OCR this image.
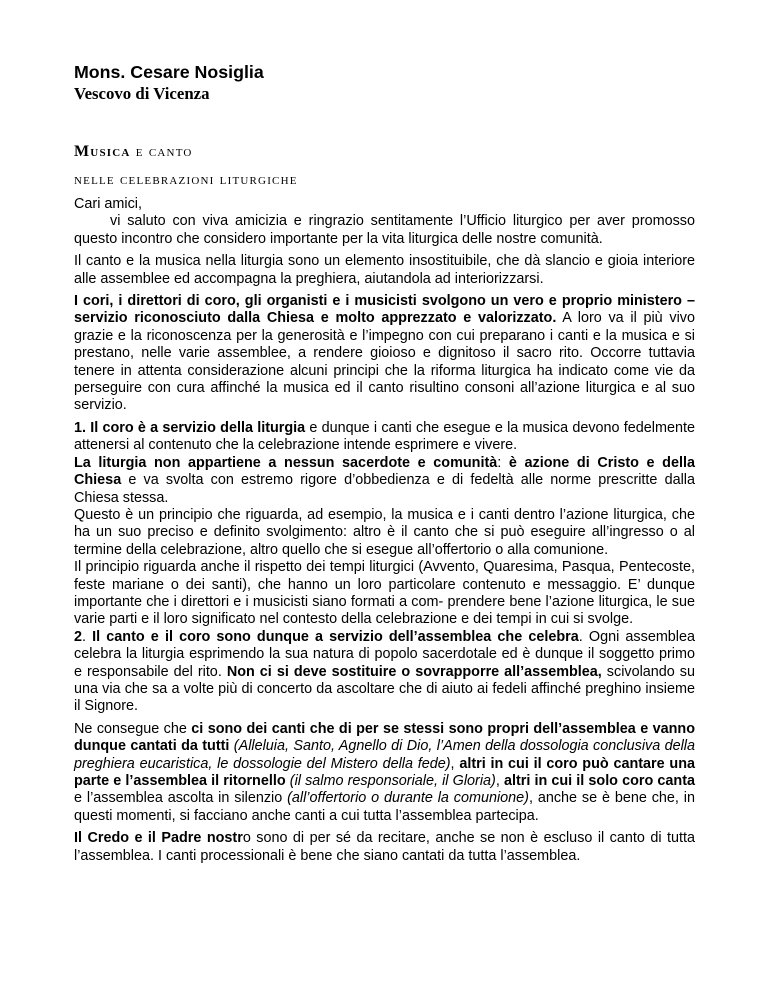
Mons. Cesare Nosiglia

Vescovo di Vicenza

Musica e canto

nelle celebrazioni liturgiche

Cari amici,

vi saluto con viva amicizia e ringrazio sentitamente l’Ufficio liturgico per aver promosso questo incontro che considero importante per la vita liturgica delle nostre comunità.

Il canto e la musica nella liturgia sono un elemento insostituibile, che dà slancio e gioia interiore alle assemblee ed accompagna la preghiera, aiutandola ad interiorizzarsi.

I cori, i direttori di coro, gli organisti e i musicisti svolgono un vero e proprio ministero – servizio riconosciuto dalla Chiesa e molto apprezzato e valorizzato. A loro va il più vivo grazie e la riconoscenza per la generosità e l’impegno con cui preparano i canti e la musica e si prestano, nelle varie assemblee, a rendere gioioso e dignitoso il sacro rito. Occorre tuttavia tenere in attenta considerazione alcuni principi che la riforma liturgica ha indicato come vie da perseguire con cura affinché la musica ed il canto risultino consoni all’azione liturgica e al suo servizio.

1. Il coro è a servizio della liturgia e dunque i canti che esegue e la musica devono fedelmente attenersi al contenuto che la celebrazione intende esprimere e vivere.

La liturgia non appartiene a nessun sacerdote e comunità: è azione di Cristo e della Chiesa e va svolta con estremo rigore d’obbedienza e di fedeltà alle norme prescritte dalla Chiesa stessa.

Questo è un principio che riguarda, ad esempio, la musica e i canti dentro l’azione liturgica, che ha un suo preciso e definito svolgimento: altro è il canto che si può eseguire all’ingresso o al termine della celebrazione, altro quello che si esegue all’offertorio o alla comunione.

Il principio riguarda anche il rispetto dei tempi liturgici (Avvento, Quaresima, Pasqua, Pentecoste, feste mariane o dei santi), che hanno un loro particolare contenuto e messaggio. E’ dunque importante che i direttori e i musicisti siano formati a com- prendere bene l’azione liturgica, le sue varie parti e il loro significato nel contesto della celebrazione e dei tempi in cui si svolge.

2. Il canto e il coro sono dunque a servizio dell’assemblea che celebra. Ogni assemblea celebra la liturgia esprimendo la sua natura di popolo sacerdotale ed è dunque il soggetto primo e responsabile del rito. Non ci si deve sostituire o sovrapporre all’assemblea, scivolando su una via che sa a volte più di concerto da ascoltare che di aiuto ai fedeli affinché preghino insieme il Signore.

Ne consegue che ci sono dei canti che di per se stessi sono propri dell’assemblea e vanno dunque cantati da tutti (Alleluia, Santo, Agnello di Dio, l’Amen della dossologia conclusiva della preghiera eucaristica, le dossologie del Mistero della fede), altri in cui il coro può cantare una parte e l’assemblea il ritornello (il salmo responsoriale, il Gloria), altri in cui il solo coro canta e l’assemblea ascolta in silenzio (all’offertorio o durante la comunione), anche se è bene che, in questi momenti, si facciano anche canti a cui tutta l’assemblea partecipa.

Il Credo e il Padre nostro sono di per sé da recitare, anche se non è escluso il canto di tutta l’assemblea. I canti processionali è bene che siano cantati da tutta l’assemblea.
